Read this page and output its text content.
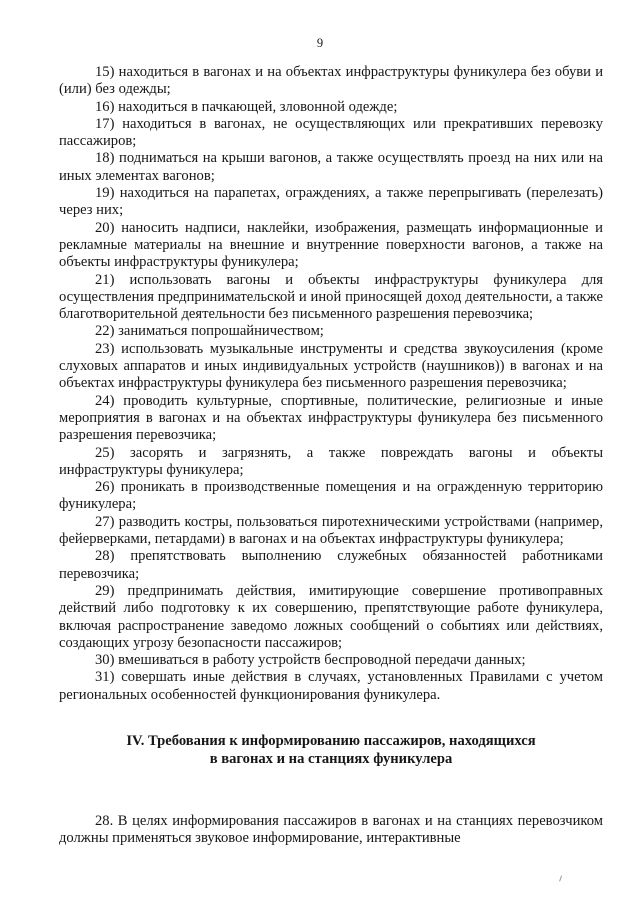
9

15) находиться в вагонах и на объектах инфраструктуры фуникулера без обуви и (или) без одежды;

16) находиться в пачкающей, зловонной одежде;

17) находиться в вагонах, не осуществляющих или прекративших перевозку пассажиров;

18) подниматься на крыши вагонов, а также осуществлять проезд на них или на иных элементах вагонов;

19) находиться на парапетах, ограждениях, а также перепрыгивать (перелезать) через них;

20) наносить надписи, наклейки, изображения, размещать информационные и рекламные материалы на внешние и внутренние поверхности вагонов, а также на объекты инфраструктуры фуникулера;

21) использовать вагоны и объекты инфраструктуры фуникулера для осуществления предпринимательской и иной приносящей доход деятельности, а также благотворительной деятельности без письменного разрешения перевозчика;

22) заниматься попрошайничеством;

23) использовать музыкальные инструменты и средства звукоусиления (кроме слуховых аппаратов и иных индивидуальных устройств (наушников)) в вагонах и на объектах инфраструктуры фуникулера без письменного разрешения перевозчика;

24) проводить культурные, спортивные, политические, религиозные и иные мероприятия в вагонах и на объектах инфраструктуры фуникулера без письменного разрешения перевозчика;

25) засорять и загрязнять, а также повреждать вагоны и объекты инфраструктуры фуникулера;

26) проникать в производственные помещения и на огражденную территорию фуникулера;

27) разводить костры, пользоваться пиротехническими устройствами (например, фейерверками, петардами) в вагонах и на объектах инфраструктуры фуникулера;

28) препятствовать выполнению служебных обязанностей работниками перевозчика;

29) предпринимать действия, имитирующие совершение противоправных действий либо подготовку к их совершению, препятствующие работе фуникулера, включая распространение заведомо ложных сообщений о событиях или действиях, создающих угрозу безопасности пассажиров;

30) вмешиваться в работу устройств беспроводной передачи данных;

31) совершать иные действия в случаях, установленных Правилами с учетом региональных особенностей функционирования фуникулера.

IV. Требования к информированию пассажиров, находящихся
в вагонах и на станциях фуникулера

28. В целях информирования пассажиров в вагонах и на станциях перевозчиком должны применяться звуковое информирование, интерактивные
